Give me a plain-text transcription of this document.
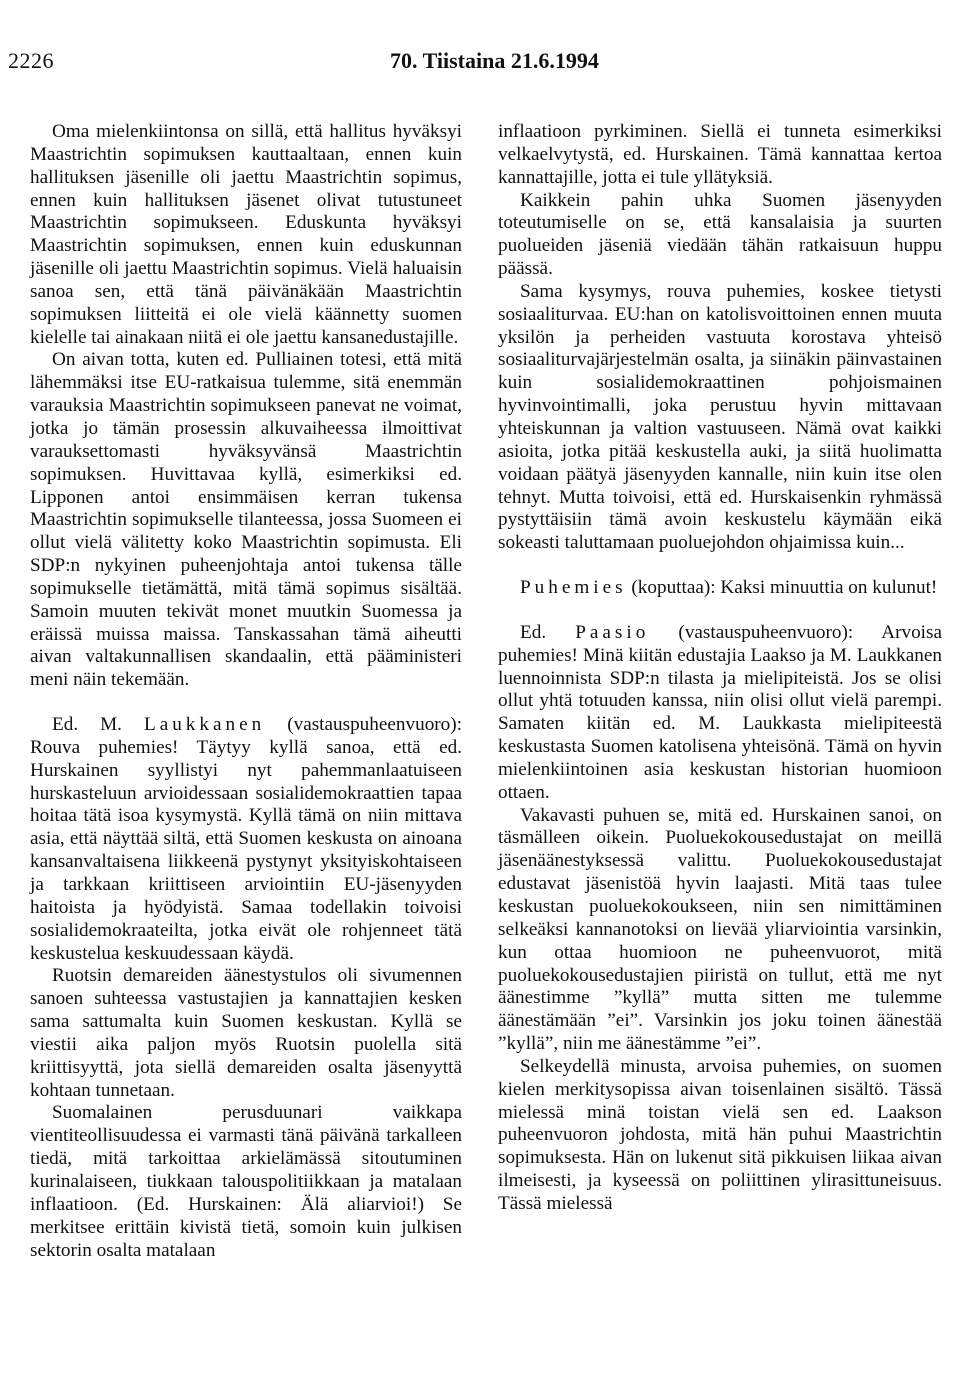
2226	70. Tiistaina 21.6.1994

Oma mielenkiintonsa on sillä, että hallitus hyväksyi Maastrichtin sopimuksen kauttaaltaan, ennen kuin hallituksen jäsenille oli jaettu Maastrichtin sopimus, ennen kuin hallituksen jäsenet olivat tutustuneet Maastrichtin sopimukseen. Eduskunta hyväksyi Maastrichtin sopimuksen, ennen kuin eduskunnan jäsenille oli jaettu Maastrichtin sopimus. Vielä haluaisin sanoa sen, että tänä päivänäkään Maastrichtin sopimuksen liitteitä ei ole vielä käännetty suomen kielelle tai ainakaan niitä ei ole jaettu kansanedustajille.

On aivan totta, kuten ed. Pulliainen totesi, että mitä lähemmäksi itse EU-ratkaisua tulemme, sitä enemmän varauksia Maastrichtin sopimukseen panevat ne voimat, jotka jo tämän prosessin alkuvaiheessa ilmoittivat varauksettomasti hyväksyvänsä Maastrichtin sopimuksen. Huvittavaa kyllä, esimerkiksi ed. Lipponen antoi ensimmäisen kerran tukensa Maastrichtin sopimukselle tilanteessa, jossa Suomeen ei ollut vielä välitetty koko Maastrichtin sopimusta. Eli SDP:n nykyinen puheenjohtaja antoi tukensa tälle sopimukselle tietämättä, mitä tämä sopimus sisältää. Samoin muuten tekivät monet muutkin Suomessa ja eräissä muissa maissa. Tanskassahan tämä aiheutti aivan valtakunnallisen skandaalin, että pääministeri meni näin tekemään.

Ed. M. Laukkanen (vastauspuheenvuoro): Rouva puhemies! Täytyy kyllä sanoa, että ed. Hurskainen syyllistyi nyt pahemmanlaatuiseen hurskasteluun arvioidessaan sosialidemokraattien tapaa hoitaa tätä isoa kysymystä. Kyllä tämä on niin mittava asia, että näyttää siltä, että Suomen keskusta on ainoana kansanvaltaisena liikkeenä pystynyt yksityiskohtaiseen ja tarkkaan kriittiseen arviointiin EU-jäsenyyden haitoista ja hyödyistä. Samaa todellakin toivoisi sosialidemokraateilta, jotka eivät ole rohjenneet tätä keskustelua keskuudessaan käydä.

Ruotsin demareiden äänestystulos oli sivumennen sanoen suhteessa vastustajien ja kannattajien kesken sama sattumalta kuin Suomen keskustan. Kyllä se viestii aika paljon myös Ruotsin puolella sitä kriittisyyttä, jota siellä demareiden osalta jäsenyyttä kohtaan tunnetaan.

Suomalainen perusduunari vaikkapa vientiteollisuudessa ei varmasti tänä päivänä tarkalleen tiedä, mitä tarkoittaa arkielämässä sitoutuminen kurinalaiseen, tiukkaan talouspolitiikkaan ja matalaan inflaatioon. (Ed. Hurskainen: Älä aliarvioi!) Se merkitsee erittäin kivistä tietä, somoin kuin julkisen sektorin osalta matalaan

inflaatioon pyrkiminen. Siellä ei tunneta esimerkiksi velkaelvytystä, ed. Hurskainen. Tämä kannattaa kertoa kannattajille, jotta ei tule yllätyksiä.

Kaikkein pahin uhka Suomen jäsenyyden toteutumiselle on se, että kansalaisia ja suurten puolueiden jäseniä viedään tähän ratkaisuun huppu päässä.

Sama kysymys, rouva puhemies, koskee tietysti sosiaaliturvaa. EU:han on katolisvoittoinen ennen muuta yksilön ja perheiden vastuuta korostava yhteisö sosiaaliturvajärjestelmän osalta, ja siinäkin päinvastainen kuin sosialidemokraattinen pohjoismainen hyvinvointimalli, joka perustuu hyvin mittavaan yhteiskunnan ja valtion vastuuseen. Nämä ovat kaikki asioita, jotka pitää keskustella auki, ja siitä huolimatta voidaan päätyä jäsenyyden kannalle, niin kuin itse olen tehnyt. Mutta toivoisi, että ed. Hurskaisenkin ryhmässä pystyttäisiin tämä avoin keskustelu käymään eikä sokeasti taluttamaan puoluejohdon ohjaimissa kuin...

Puhemies (koputtaa): Kaksi minuuttia on kulunut!

Ed. Paasio (vastauspuheenvuoro): Arvoisa puhemies! Minä kiitän edustajia Laakso ja M. Laukkanen luennoinnista SDP:n tilasta ja mielipiteistä. Jos se olisi ollut yhtä totuuden kanssa, niin olisi ollut vielä parempi. Samaten kiitän ed. M. Laukkasta mielipiteestä keskustasta Suomen katolisena yhteisönä. Tämä on hyvin mielenkiintoinen asia keskustan historian huomioon ottaen.

Vakavasti puhuen se, mitä ed. Hurskainen sanoi, on täsmälleen oikein. Puoluekokousedustajat on meillä jäsenäänestyksessä valittu. Puoluekokousedustajat edustavat jäsenistöä hyvin laajasti. Mitä taas tulee keskustan puoluekokoukseen, niin sen nimittäminen selkeäksi kannanotoksi on lievää yliarviointia varsinkin, kun ottaa huomioon ne puheenvuorot, mitä puoluekokousedustajien piiristä on tullut, että me nyt äänestimme ”kyllä” mutta sitten me tulemme äänestämään ”ei”. Varsinkin jos joku toinen äänestää ”kyllä”, niin me äänestämme ”ei”.

Selkeydellä minusta, arvoisa puhemies, on suomen kielen merkitysopissa aivan toisenlainen sisältö. Tässä mielessä minä toistan vielä sen ed. Laakson puheenvuoron johdosta, mitä hän puhui Maastrichtin sopimuksesta. Hän on lukenut sitä pikkuisen liikaa aivan ilmeisesti, ja kyseessä on poliittinen ylirasittuneisuus. Tässä mielessä
